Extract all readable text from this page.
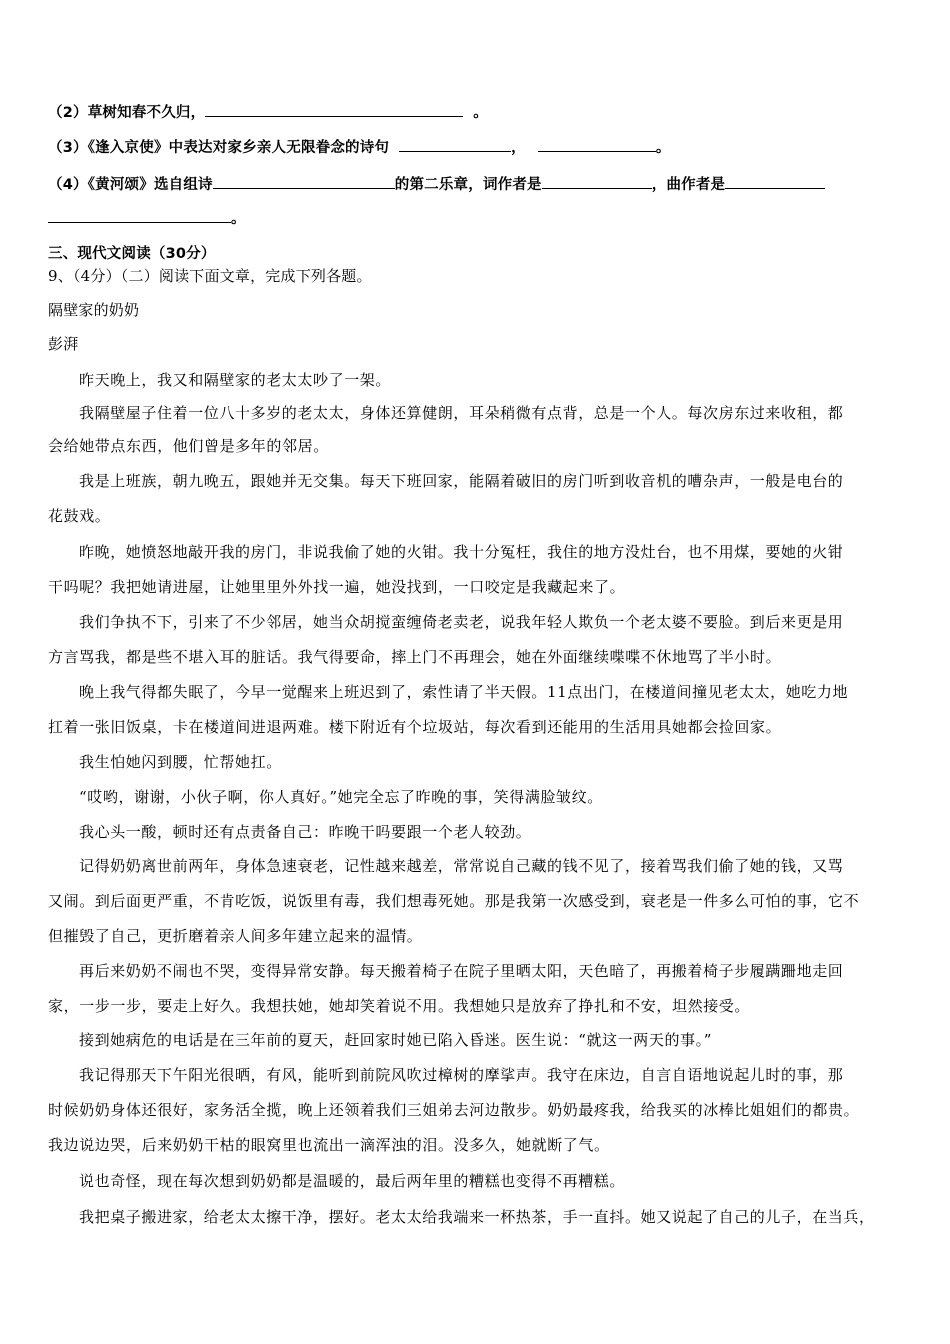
（2）草树知春不久归，	。
（3）《逢入京使》中表达对家乡亲人无限眷念的诗句	，	。
（4）《黄河颂》选自组诗	的第二乐章，词作者是	，曲作者是
。
三、现代文阅读（30分）
9、（4分）（二）阅读下面文章，完成下列各题。
隔壁家的奶奶
彭湃
昨天晚上，我又和隔壁家的老太太吵了一架。
我隔壁屋子住着一位八十多岁的老太太，身体还算健朗，耳朵稍微有点背，总是一个人。每次房东过来收租，都
会给她带点东西，他们曾是多年的邻居。
我是上班族，朝九晚五，跟她并无交集。每天下班回家，能隔着破旧的房门听到收音机的嘈杂声，一般是电台的
花鼓戏。
昨晚，她愤怒地敲开我的房门，非说我偷了她的火钳。我十分冤枉，我住的地方没灶台，也不用煤，要她的火钳
干吗呢？我把她请进屋，让她里里外外找一遍，她没找到，一口咬定是我藏起来了。
我们争执不下，引来了不少邻居，她当众胡搅蛮缠倚老卖老，说我年轻人欺负一个老太婆不要脸。到后来更是用
方言骂我，都是些不堪入耳的脏话。我气得要命，摔上门不再理会，她在外面继续喋喋不休地骂了半小时。
晚上我气得都失眠了，今早一觉醒来上班迟到了，索性请了半天假。11点出门，在楼道间撞见老太太，她吃力地
扛着一张旧饭桌，卡在楼道间进退两难。楼下附近有个垃圾站，每次看到还能用的生活用具她都会捡回家。
我生怕她闪到腰，忙帮她扛。
“哎哟，谢谢，小伙子啊，你人真好。”她完全忘了昨晚的事，笑得满脸皱纹。
我心头一酸，顿时还有点责备自己：昨晚干吗要跟一个老人较劲。
记得奶奶离世前两年，身体急速衰老，记性越来越差，常常说自己藏的钱不见了，接着骂我们偷了她的钱，又骂
又闹。到后面更严重，不肯吃饭，说饭里有毒，我们想毒死她。那是我第一次感受到，衰老是一件多么可怕的事，它不
但摧毁了自己，更折磨着亲人间多年建立起来的温情。
再后来奶奶不闹也不哭，变得异常安静。每天搬着椅子在院子里晒太阳，天色暗了，再搬着椅子步履蹒跚地走回
家，一步一步，要走上好久。我想扶她，她却笑着说不用。我想她只是放弃了挣扎和不安，坦然接受。
接到她病危的电话是在三年前的夏天，赶回家时她已陷入昏迷。医生说：“就这一两天的事。”
我记得那天下午阳光很晒，有风，能听到前院风吹过樟树的摩挲声。我守在床边，自言自语地说起儿时的事，那
时候奶奶身体还很好，家务活全揽，晚上还领着我们三姐弟去河边散步。奶奶最疼我，给我买的冰棒比姐姐们的都贵。
我边说边哭，后来奶奶干枯的眼窝里也流出一滴浑浊的泪。没多久，她就断了气。
说也奇怪，现在每次想到奶奶都是温暖的，最后两年里的糟糕也变得不再糟糕。
我把桌子搬进家，给老太太擦干净，摆好。老太太给我端来一杯热茶，手一直抖。她又说起了自己的儿子，在当兵，
